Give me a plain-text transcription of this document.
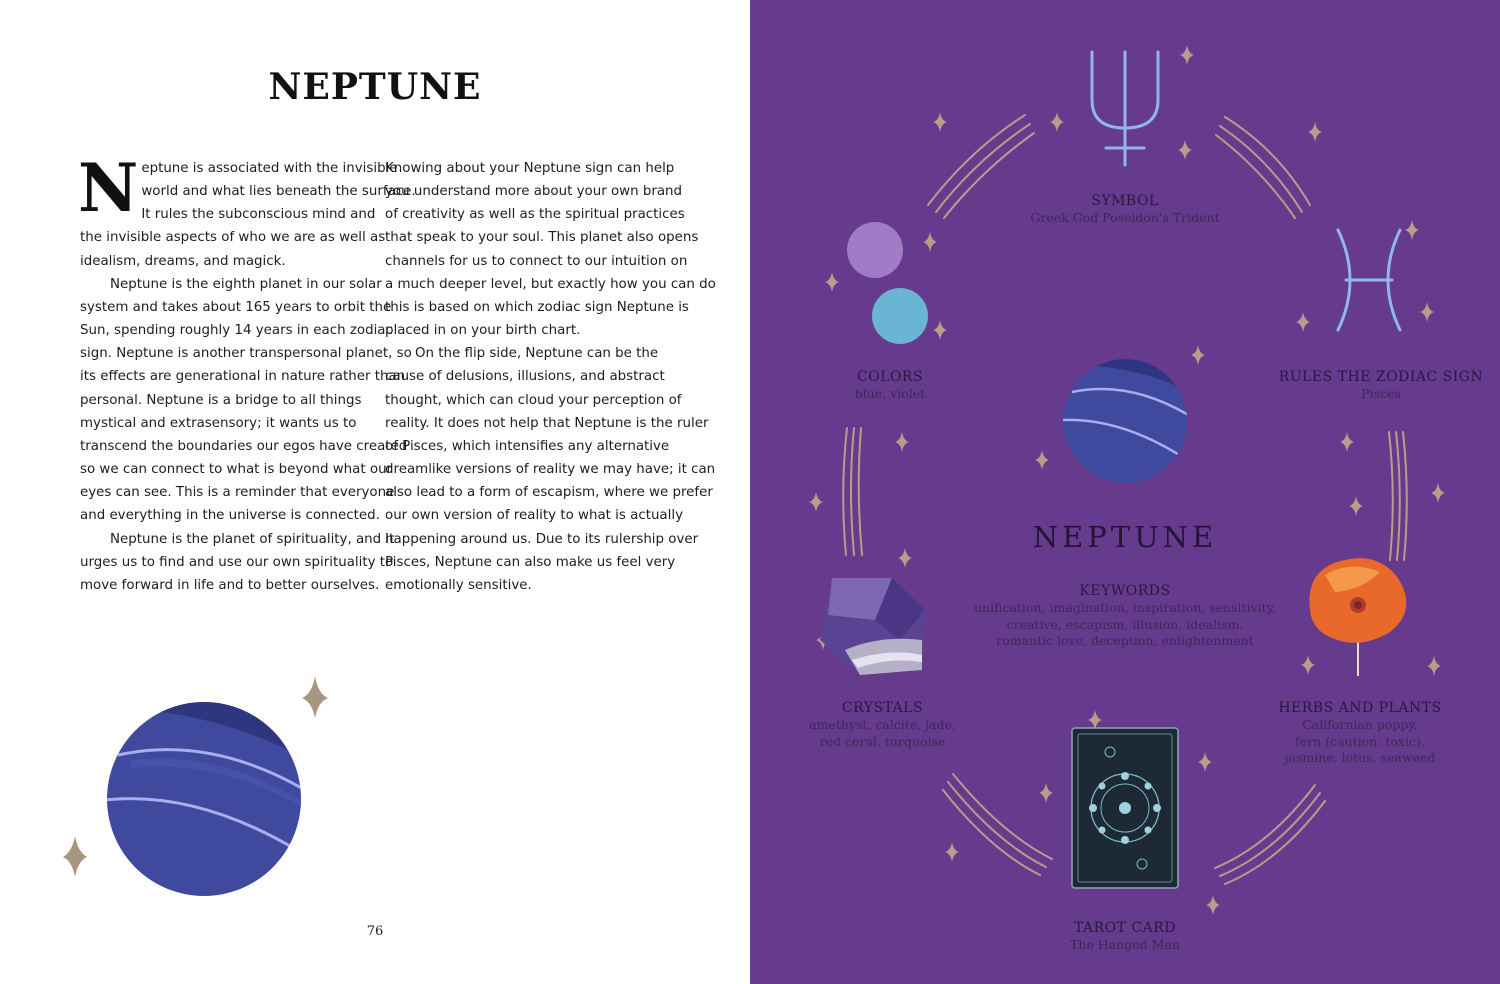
NEPTUNE
N eptune is associated with the invisible

world and what lies beneath the surface.

It rules the subconscious mind and

the invisible aspects of who we are as well as

idealism, dreams, and magick.

Neptune is the eighth planet in our solar

system and takes about 165 years to orbit the

Sun, spending roughly 14 years in each zodiac

sign. Neptune is another transpersonal planet, so

its effects are generational in nature rather than

personal. Neptune is a bridge to all things

mystical and extrasensory; it wants us to

transcend the boundaries our egos have created

so we can connect to what is beyond what our

eyes can see. This is a reminder that everyone

and everything in the universe is connected.

Neptune is the planet of spirituality, and it

urges us to find and use our own spirituality to

move forward in life and to better ourselves.

Knowing about your Neptune sign can help

you understand more about your own brand

of creativity as well as the spiritual practices

that speak to your soul. This planet also opens

channels for us to connect to our intuition on

a much deeper level, but exactly how you can do

this is based on which zodiac sign Neptune is

placed in on your birth chart.

On the flip side, Neptune can be the

cause of delusions, illusions, and abstract

thought, which can cloud your perception of

reality. It does not help that Neptune is the ruler

of Pisces, which intensifies any alternative

dreamlike versions of reality we may have; it can

also lead to a form of escapism, where we prefer

our own version of reality to what is actually

happening around us. Due to its rulership over

Pisces, Neptune can also make us feel very

emotionally sensitive.

76
SYMBOL
Greek God Poseidon's Trident
COLORS
blue, violet
RULES THE ZODIAC SIGN
Pisces
NEPTUNE
KEYWORDS
unification, imagination, inspiration, sensitivity,
creative, escapism, illusion, idealism,
romantic love, deception, enlightenment
CRYSTALS
amethyst, calcite, jade,
red coral, turquoise
HERBS AND PLANTS
Californian poppy,
fern (caution: toxic),
jasmine, lotus, seaweed
TAROT CARD
The Hanged Man
